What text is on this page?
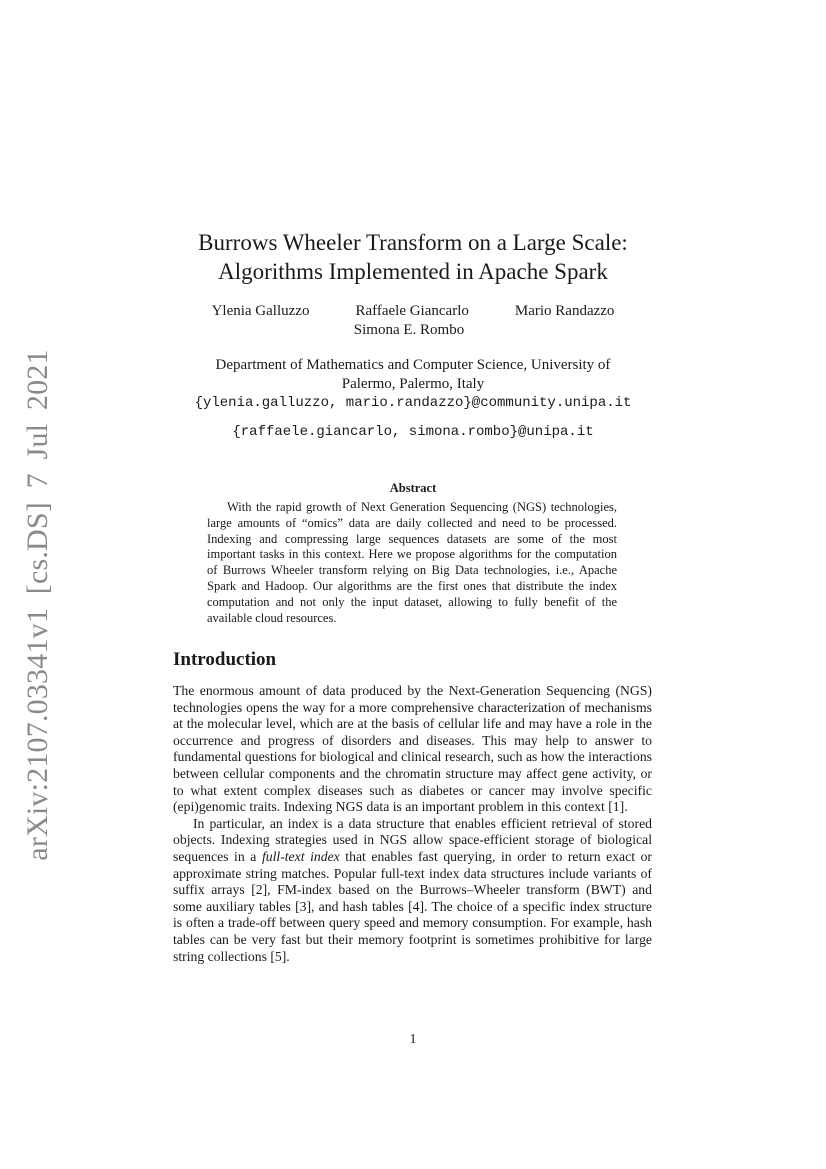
arXiv:2107.03341v1 [cs.DS] 7 Jul 2021
Burrows Wheeler Transform on a Large Scale:
Algorithms Implemented in Apache Spark
Ylenia Galluzzo	Raffaele Giancarlo	Mario Randazzo
Simona E. Rombo
Department of Mathematics and Computer Science, University of
Palermo, Palermo, Italy
{ylenia.galluzzo, mario.randazzo}@community.unipa.it
{raffaele.giancarlo, simona.rombo}@unipa.it
Abstract
With the rapid growth of Next Generation Sequencing (NGS) technologies, large amounts of “omics” data are daily collected and need to be processed. Indexing and compressing large sequences datasets are some of the most important tasks in this context. Here we propose algorithms for the computation of Burrows Wheeler transform relying on Big Data technologies, i.e., Apache Spark and Hadoop. Our algorithms are the first ones that distribute the index computation and not only the input dataset, allowing to fully benefit of the available cloud resources.
Introduction

The enormous amount of data produced by the Next-Generation Sequencing (NGS) technologies opens the way for a more comprehensive characterization of mechanisms at the molecular level, which are at the basis of cellular life and may have a role in the occurrence and progress of disorders and diseases. This may help to answer to fundamental questions for biological and clinical research, such as how the interactions between cellular components and the chromatin structure may affect gene activity, or to what extent complex diseases such as diabetes or cancer may involve specific (epi)genomic traits. Indexing NGS data is an important problem in this context [1].

In particular, an index is a data structure that enables efficient retrieval of stored objects. Indexing strategies used in NGS allow space-efficient storage of biological sequences in a full-text index that enables fast querying, in order to return exact or approximate string matches. Popular full-text index data structures include variants of suffix arrays [2], FM-index based on the Burrows–Wheeler transform (BWT) and some auxiliary tables [3], and hash tables [4]. The choice of a specific index structure is often a trade-off between query speed and memory consumption. For example, hash tables can be very fast but their memory footprint is sometimes prohibitive for large string collections [5].

1
